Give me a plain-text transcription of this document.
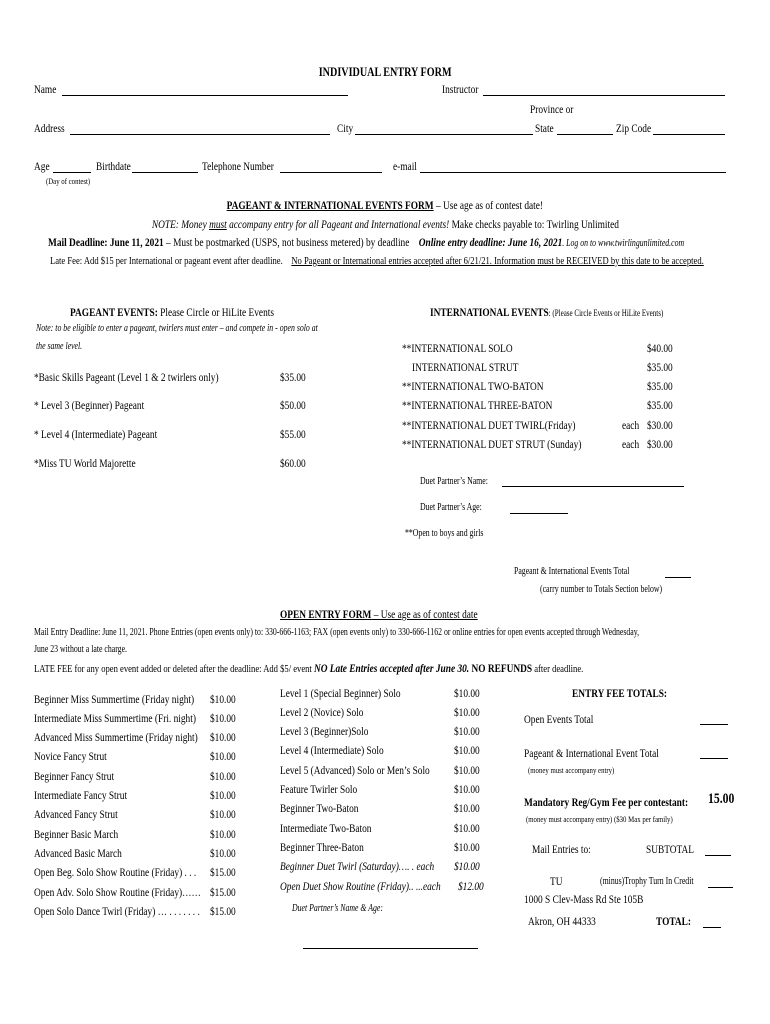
INDIVIDUAL ENTRY FORM
Name	Instructor
Province or
Address	City	State	Zip Code
Age
(Day of contest)
Birthdate	Telephone Number	e-mail
PAGEANT & INTERNATIONAL EVENTS FORM – Use age as of contest date!
NOTE: Money must accompany entry for all Pageant and International events! Make checks payable to: Twirling Unlimited
Mail Deadline: June 11, 2021 – Must be postmarked (USPS, not business metered) by deadline Online entry deadline: June 16, 2021. Log on to www.twirlingunlimited.com
Late Fee: Add $15 per International or pageant event after deadline. No Pageant or International entries accepted after 6/21/21. Information must be RECEIVED by this date to be accepted.
PAGEANT EVENTS: Please Circle or HiLite Events
Note: to be eligible to enter a pageant, twirlers must enter – and compete in - open solo at
the same level.
*Basic Skills Pageant (Level 1 & 2 twirlers only)	$35.00
* Level 3 (Beginner) Pageant	$50.00
* Level 4 (Intermediate) Pageant	$55.00
*Miss TU World Majorette	$60.00
INTERNATIONAL EVENTS: (Please Circle Events or HiLite Events)
**INTERNATIONAL SOLO	$40.00
INTERNATIONAL STRUT	$35.00
**INTERNATIONAL TWO-BATON	$35.00
**INTERNATIONAL THREE-BATON	$35.00
**INTERNATIONAL DUET TWIRL(Friday)	each $30.00
**INTERNATIONAL DUET STRUT (Sunday)	each $30.00
Duet Partner’s Name:
Duet Partner’s Age:
**Open to boys and girls
Pageant & International Events Total
(carry number to Totals Section below)
OPEN ENTRY FORM – Use age as of contest date
Mail Entry Deadline: June 11, 2021. Phone Entries (open events only) to: 330-666-1163; FAX (open events only) to 330-666-1162 or online entries for open events accepted through Wednesday,
June 23 without a late charge.
LATE FEE for any open event added or deleted after the deadline: Add $5/ event NO Late Entries accepted after June 30. NO REFUNDS after deadline.
Beginner Miss Summertime (Friday night) $10.00
Intermediate Miss Summertime (Fri. night) $10.00
Advanced Miss Summertime (Friday night) $10.00
Novice Fancy Strut	$10.00
Beginner Fancy Strut	$10.00
Intermediate Fancy Strut	$10.00
Advanced Fancy Strut	$10.00
Beginner Basic March	$10.00
Advanced Basic March	$10.00
Open Beg. Solo Show Routine (Friday) . . . $15.00
Open Adv. Solo Show Routine (Friday)…… $15.00
Open Solo Dance Twirl (Friday) … . . . . . . . $15.00
Level 1 (Special Beginner) Solo	$10.00
Level 2 (Novice) Solo	$10.00
Level 3 (Beginner)Solo	$10.00
Level 4 (Intermediate) Solo	$10.00
Level 5 (Advanced) Solo or Men’s Solo $10.00
Feature Twirler Solo	$10.00
Beginner Two-Baton	$10.00
Intermediate Two-Baton	$10.00
Beginner Three-Baton	$10.00
Beginner Duet Twirl (Saturday)…. . each $10.00
Open Duet Show Routine (Friday).. ...each $12.00
Duet Partner’s Name & Age:
ENTRY FEE TOTALS:
Open Events Total
Pageant & International Event Total
(money must accompany entry)
Mandatory Reg/Gym Fee per contestant: 15.00
(money must accompany entry) ($30 Max per family)
Mail Entries to:	SUBTOTAL
TU	(minus)Trophy Turn In Credit
1000 S Clev-Mass Rd Ste 105B
Akron, OH 44333	TOTAL:
